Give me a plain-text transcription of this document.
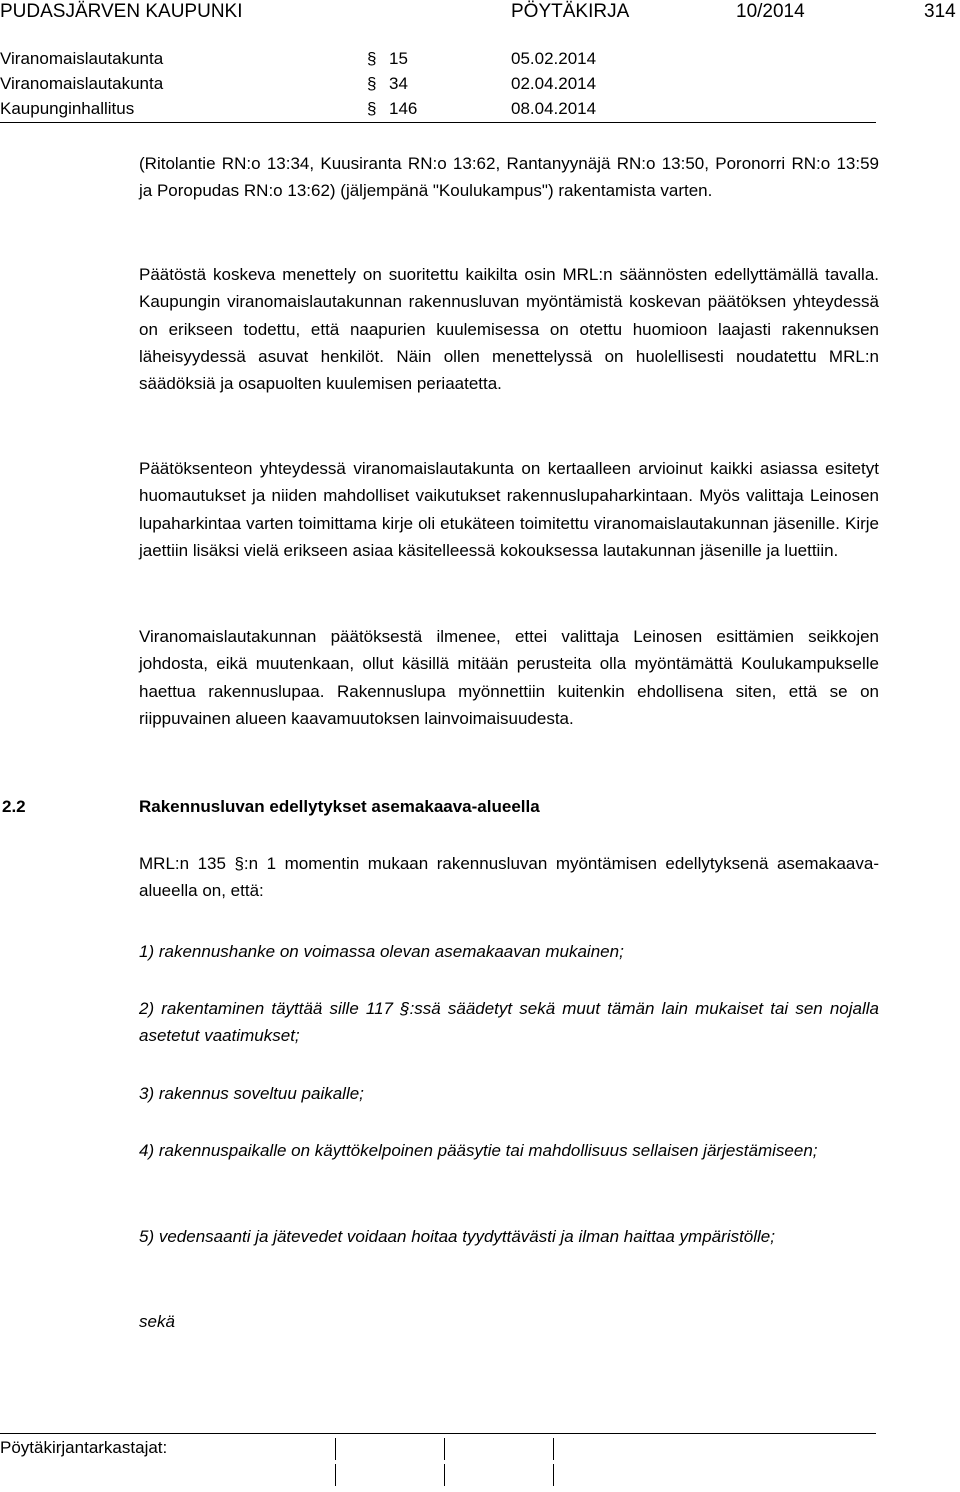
PUDASJÄRVEN KAUPUNKI	PÖYTÄKIRJA	10/2014	314
Viranomaislautakunta	§ 15	05.02.2014
Viranomaislautakunta	§ 34	02.04.2014
Kaupunginhallitus	§ 146	08.04.2014
(Ritolantie RN:o 13:34, Kuusiranta RN:o 13:62, Rantanyynäjä RN:o 13:50, Poronorri RN:o 13:59 ja Poropudas RN:o 13:62) (jäljempänä "Koulukampus") rakentamista varten.
Päätöstä koskeva menettely on suoritettu kaikilta osin MRL:n säännösten edellyttämällä tavalla. Kaupungin viranomaislautakunnan rakennusluvan myöntämistä koskevan päätöksen yhteydessä on erikseen todettu, että naapurien kuulemisessa on otettu huomioon laajasti rakennuksen läheisyydessä asuvat henkilöt. Näin ollen menettelyssä on huolellisesti noudatettu MRL:n säädöksiä ja osapuolten kuulemisen periaatetta.
Päätöksenteon yhteydessä viranomaislautakunta on kertaalleen arvioinut kaikki asiassa esitetyt huomautukset ja niiden mahdolliset vaikutukset rakennuslupaharkintaan. Myös valittaja Leinosen lupaharkintaa varten toimittama kirje oli etukäteen toimitettu viranomaislautakunnan jäsenille. Kirje jaettiin lisäksi vielä erikseen asiaa käsitelleessä kokouksessa lautakunnan jäsenille ja luettiin.
Viranomaislautakunnan päätöksestä ilmenee, ettei valittaja Leinosen esittämien seikkojen johdosta, eikä muutenkaan, ollut käsillä mitään perusteita olla myöntämättä Koulukampukselle haettua rakennuslupaa. Rakennuslupa myönnettiin kuitenkin ehdollisena siten, että se on riippuvainen alueen kaavamuutoksen lainvoimaisuudesta.
2.2	Rakennusluvan edellytykset asemakaava-alueella
MRL:n 135 §:n 1 momentin mukaan rakennusluvan myöntämisen edellytyksenä asemakaava-alueella on, että:
1) rakennushanke on voimassa olevan asemakaavan mukainen;
2) rakentaminen täyttää sille 117 §:ssä säädetyt sekä muut tämän lain mukaiset tai sen nojalla asetetut vaatimukset;
3) rakennus soveltuu paikalle;
4) rakennuspaikalle on käyttökelpoinen pääsytie tai mahdollisuus sellaisen järjestämiseen;
5) vedensaanti ja jätevedet voidaan hoitaa tyydyttävästi ja ilman haittaa ympäristölle;
sekä
Pöytäkirjantarkastajat:
